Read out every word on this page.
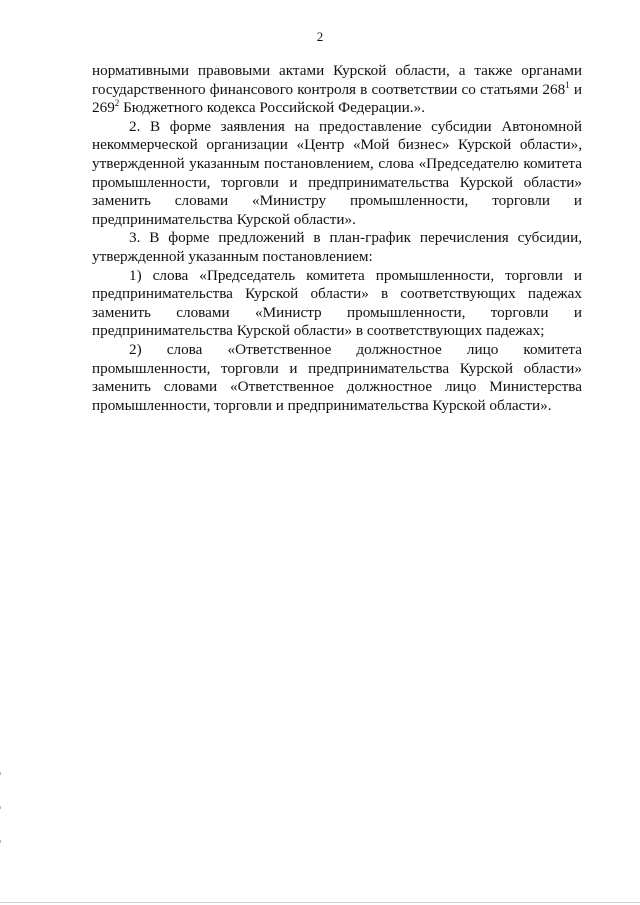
2

нормативными правовыми актами Курской области, а также органами государственного финансового контроля в соответствии со статьями $268^1$ и $269^2$ Бюджетного кодекса Российской Федерации.».

2. В форме заявления на предоставление субсидии Автономной некоммерческой организации «Центр «Мой бизнес» Курской области», утвержденной указанным постановлением, слова «Председателю комитета промышленности, торговли и предпринимательства Курской области» заменить словами «Министру промышленности, торговли и предпринимательства Курской области».

3. В форме предложений в план-график перечисления субсидии, утвержденной указанным постановлением:

1) слова «Председатель комитета промышленности, торговли и предпринимательства Курской области» в соответствующих падежах заменить словами «Министр промышленности, торговли и предпринимательства Курской области» в соответствующих падежах;

2) слова «Ответственное должностное лицо комитета промышленности, торговли и предпринимательства Курской области» заменить словами «Ответственное должностное лицо Министерства промышленности, торговли и предпринимательства Курской области».
